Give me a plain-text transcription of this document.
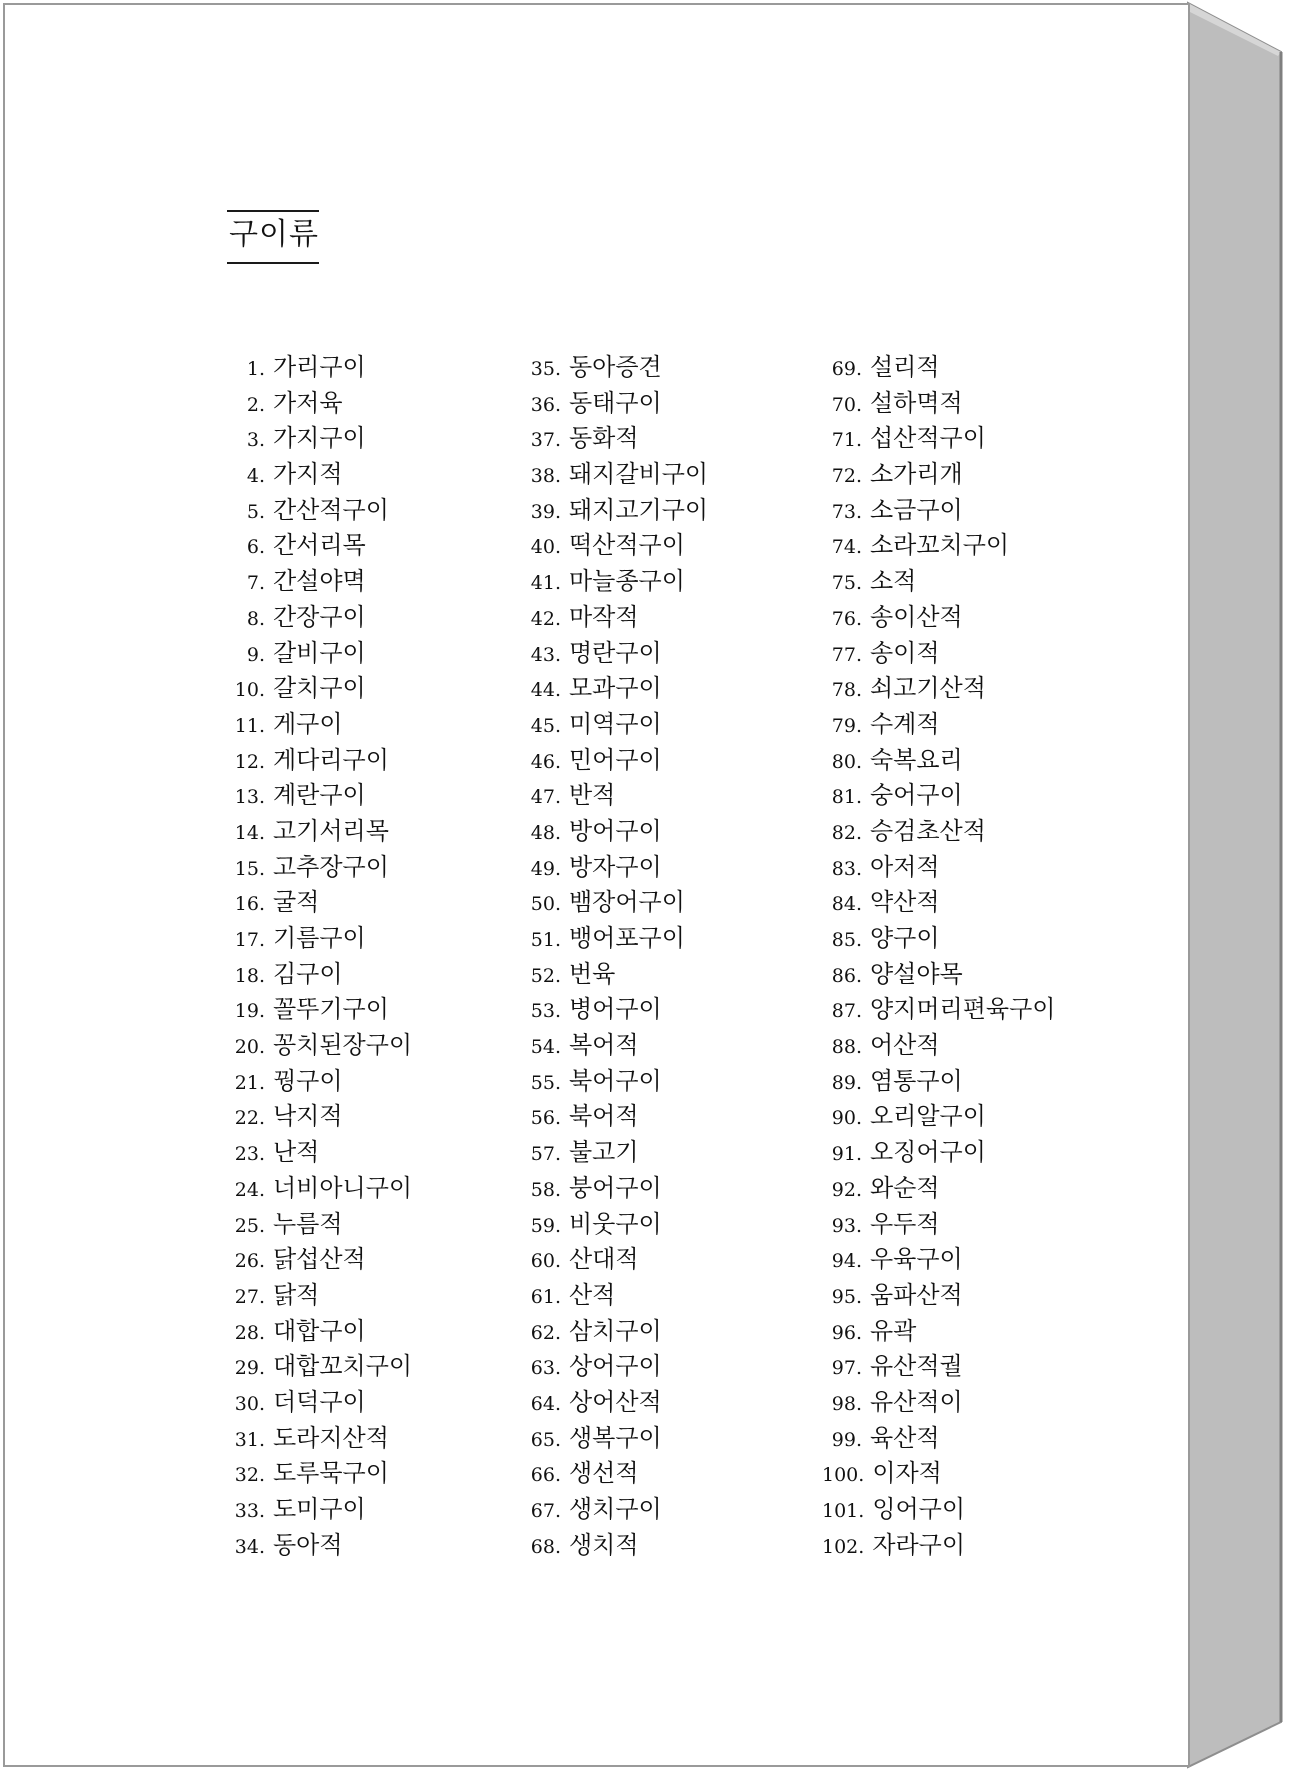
구이류
1. 가리구이
2. 가저육
3. 가지구이
4. 가지적
5. 간산적구이
6. 간서리목
7. 간설야멱
8. 간장구이
9. 갈비구이
10. 갈치구이
11. 게구이
12. 게다리구이
13. 계란구이
14. 고기서리목
15. 고추장구이
16. 굴적
17. 기름구이
18. 김구이
19. 꼴뚜기구이
20. 꽁치된장구이
21. 꿩구이
22. 낙지적
23. 난적
24. 너비아니구이
25. 누름적
26. 닭섭산적
27. 닭적
28. 대합구이
29. 대합꼬치구이
30. 더덕구이
31. 도라지산적
32. 도루묵구이
33. 도미구이
34. 동아적
35. 동아증견
36. 동태구이
37. 동화적
38. 돼지갈비구이
39. 돼지고기구이
40. 떡산적구이
41. 마늘종구이
42. 마작적
43. 명란구이
44. 모과구이
45. 미역구이
46. 민어구이
47. 반적
48. 방어구이
49. 방자구이
50. 뱀장어구이
51. 뱅어포구이
52. 번육
53. 병어구이
54. 복어적
55. 북어구이
56. 북어적
57. 불고기
58. 붕어구이
59. 비웃구이
60. 산대적
61. 산적
62. 삼치구이
63. 상어구이
64. 상어산적
65. 생복구이
66. 생선적
67. 생치구이
68. 생치적
69. 설리적
70. 설하멱적
71. 섭산적구이
72. 소가리개
73. 소금구이
74. 소라꼬치구이
75. 소적
76. 송이산적
77. 송이적
78. 쇠고기산적
79. 수계적
80. 숙복요리
81. 숭어구이
82. 승검초산적
83. 아저적
84. 약산적
85. 양구이
86. 양설야목
87. 양지머리편육구이
88. 어산적
89. 염통구이
90. 오리알구이
91. 오징어구이
92. 와순적
93. 우두적
94. 우육구이
95. 움파산적
96. 유곽
97. 유산적궐
98. 유산적이
99. 육산적
100. 이자적
101. 잉어구이
102. 자라구이
